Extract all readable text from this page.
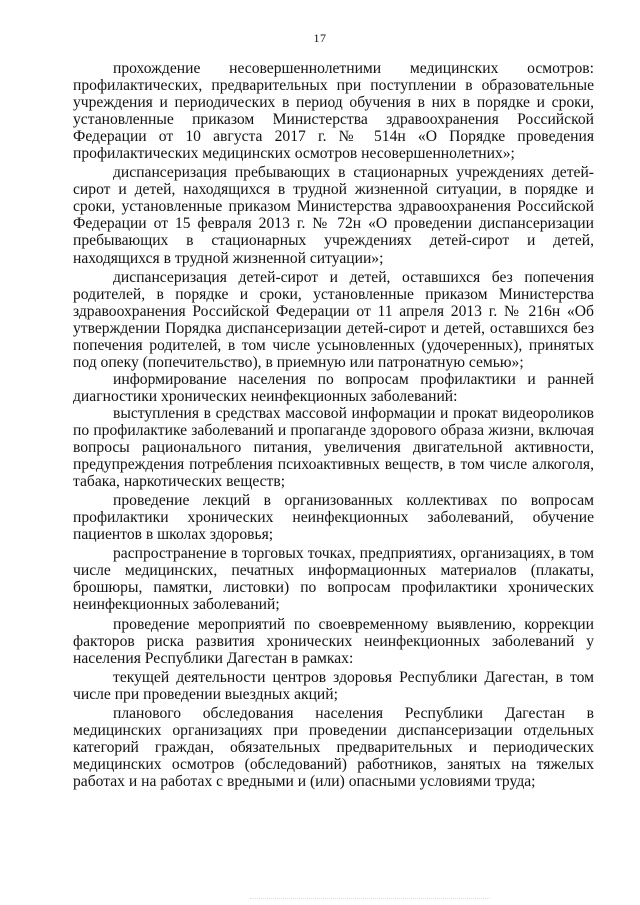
17

прохождение несовершеннолетними медицинских осмотров: профилактических, предварительных при поступлении в образовательные учреждения и периодических в период обучения в них в порядке и сроки, установленные приказом Министерства здравоохранения Российской Федерации от 10 августа 2017 г. № 514н «О Порядке проведения профилактических медицинских осмотров несовершеннолетних»;

диспансеризация пребывающих в стационарных учреждениях детей-сирот и детей, находящихся в трудной жизненной ситуации, в порядке и сроки, установленные приказом Министерства здравоохранения Российской Федерации от 15 февраля 2013 г. № 72н «О проведении диспансеризации пребывающих в стационарных учреждениях детей-сирот и детей, находящихся в трудной жизненной ситуации»;

диспансеризация детей-сирот и детей, оставшихся без попечения родителей, в порядке и сроки, установленные приказом Министерства здравоохранения Российской Федерации от 11 апреля 2013 г. № 216н «Об утверждении Порядка диспансеризации детей-сирот и детей, оставшихся без попечения родителей, в том числе усыновленных (удочеренных), принятых под опеку (попечительство), в приемную или патронатную семью»;

информирование населения по вопросам профилактики и ранней диагностики хронических неинфекционных заболеваний:

выступления в средствах массовой информации и прокат видеороликов по профилактике заболеваний и пропаганде здорового образа жизни, включая вопросы рационального питания, увеличения двигательной активности, предупреждения потребления психоактивных веществ, в том числе алкоголя, табака, наркотических веществ;

проведение лекций в организованных коллективах по вопросам профилактики хронических неинфекционных заболеваний, обучение пациентов в школах здоровья;

распространение в торговых точках, предприятиях, организациях, в том числе медицинских, печатных информационных материалов (плакаты, брошюры, памятки, листовки) по вопросам профилактики хронических неинфекционных заболеваний;

проведение мероприятий по своевременному выявлению, коррекции факторов риска развития хронических неинфекционных заболеваний у населения Республики Дагестан в рамках:

текущей деятельности центров здоровья Республики Дагестан, в том числе при проведении выездных акций;

планового обследования населения Республики Дагестан в медицинских организациях при проведении диспансеризации отдельных категорий граждан, обязательных предварительных и периодических медицинских осмотров (обследований) работников, занятых на тяжелых работах и на работах с вредными и (или) опасными условиями труда;
